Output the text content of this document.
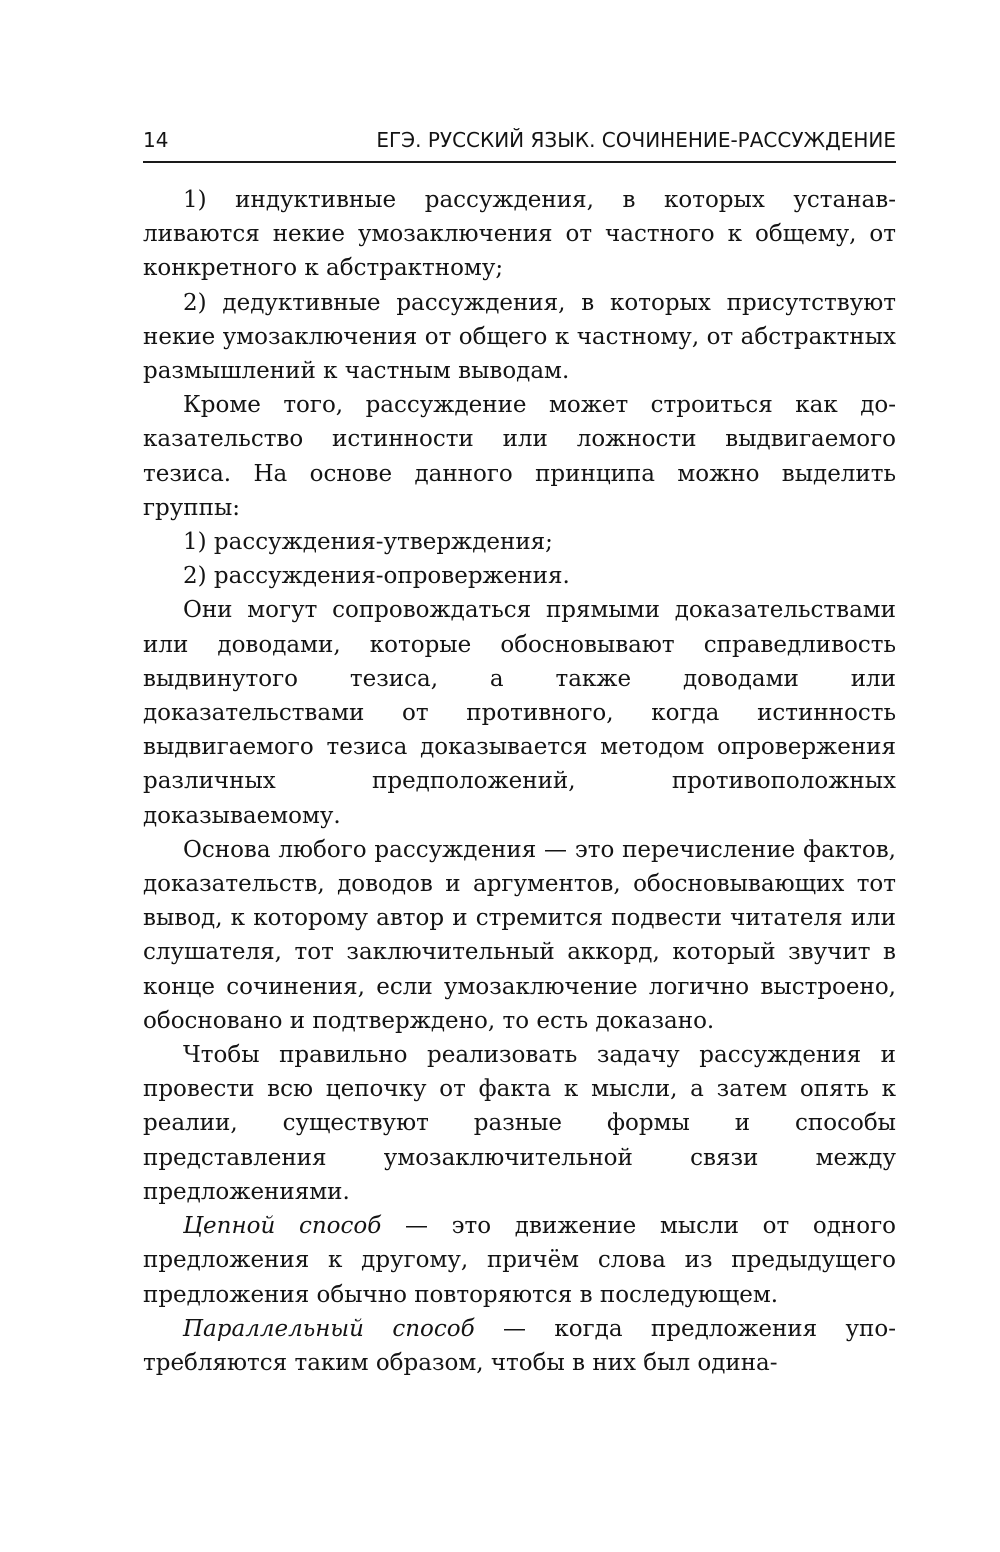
14	ЕГЭ. РУССКИЙ ЯЗЫК. СОЧИНЕНИЕ-РАССУЖДЕНИЕ

1) индуктивные рассуждения, в которых устанавливаются некие умозаключения от частного к общему, от конкретного к абстрактному;

2) дедуктивные рассуждения, в которых присутствуют некие умозаключения от общего к частному, от абстрактных размышлений к частным выводам.

Кроме того, рассуждение может строиться как доказательство истинности или ложности выдвигаемого тезиса. На основе данного принципа можно выделить группы:

1) рассуждения-утверждения;

2) рассуждения-опровержения.

Они могут сопровождаться прямыми доказательствами или доводами, которые обосновывают справедливость выдвинутого тезиса, а также доводами или доказательствами от противного, когда истинность выдвигаемого тезиса доказывается методом опровержения различных предположений, противоположных доказываемому.

Основа любого рассуждения — это перечисление фактов, доказательств, доводов и аргументов, обосновывающих тот вывод, к которому автор и стремится подвести читателя или слушателя, тот заключительный аккорд, который звучит в конце сочинения, если умозаключение логично выстроено, обосновано и подтверждено, то есть доказано.

Чтобы правильно реализовать задачу рассуждения и провести всю цепочку от факта к мысли, а затем опять к реалии, существуют разные формы и способы представления умозаключительной связи между предложениями.

Цепной способ — это движение мысли от одного предложения к другому, причём слова из предыдущего предложения обычно повторяются в последующем.

Параллельный способ — когда предложения употребляются таким образом, чтобы в них был одина-
